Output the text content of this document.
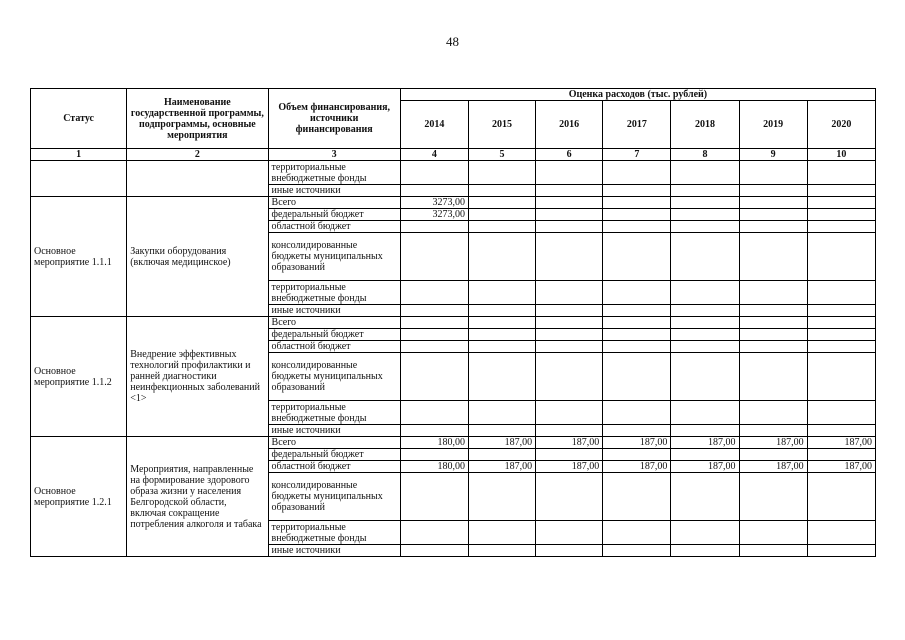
48
Статус	Наименование государственной программы, подпрограммы, основные мероприятия	Объем финансирования, источники финансирования	Оценка расходов (тыс. рублей)						
			2014	2015	2016	2017	2018	2019	2020
1	2	3	4	5	6	7	8	9	10
		территориальные внебюджетные фонды							
		иные источники							
Основное мероприятие 1.1.1	Закупки оборудования (включая медицинское)	Всего	3273,00						
		федеральный бюджет	3273,00						
		областной бюджет							
		консолидированные бюджеты муниципальных образований							
		территориальные внебюджетные фонды							
		иные источники							
Основное мероприятие 1.1.2	Внедрение эффективных технологий профилактики и ранней диагностики неинфекционных заболеваний <1>	Всего							
		федеральный бюджет							
		областной бюджет							
		консолидированные бюджеты муниципальных образований							
		территориальные внебюджетные фонды							
		иные источники							
Основное мероприятие 1.2.1	Мероприятия, направленные на формирование здорового образа жизни у населения Белгородской области, включая сокращение потребления алкоголя и табака	Всего	180,00	187,00	187,00	187,00	187,00	187,00	187,00
		федеральный бюджет							
		областной бюджет	180,00	187,00	187,00	187,00	187,00	187,00	187,00
		консолидированные бюджеты муниципальных образований							
		территориальные внебюджетные фонды							
		иные источники							
